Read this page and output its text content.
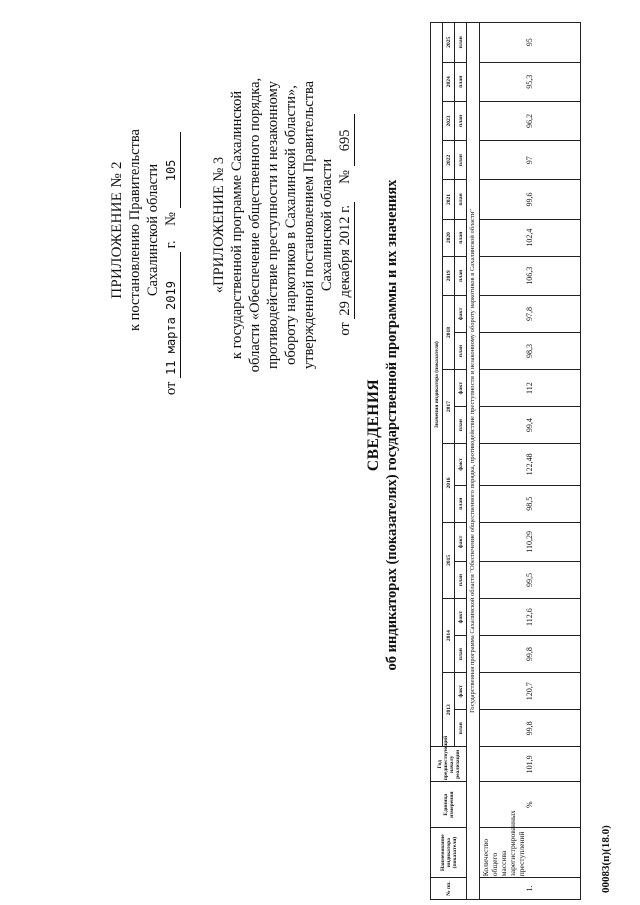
ПРИЛОЖЕНИЕ № 2 к постановлению Правительства Сахалинской области
от 11 марта 2019 г.    № 105 «ПРИЛОЖЕНИЕ № 3 к государственной программе Сахалинской области «Обеспечение общественного порядка, противодействие преступности и незаконному обороту наркотиков в Сахалинской области», утвержденной постановлением Правительства Сахалинской области
от 29 декабря 2012 г.     № 695
СВЕДЕНИЯ об индикаторах (показателях) государственной программы и их значениях
№ пп.	Наименование индикатора (показателя)	Единица измерения	Год предшествующий началу реализации	Значения индикатора (показателя)																		
				2013		2014		2015		2016		2017		2018		2019	2020	2021	2022	2023	2024	2025
				план	факт	план	факт	план	факт	план	факт	план	факт	план	факт	план	план	план	план	план	план	план
Государственная программа Сахалинской области "Обеспечение общественного порядка, противодействие преступности и незаконному обороту наркотиков в Сахалинской области"																						
1.	Количество общего массива зарегистрированных преступлений	%	101,9	99,8	120,7	99,8	112,6	99,5	110,29	98,5	122,48	99,4	112	98,3	97,8	106,3	102,4	99,6	97	96,2	95,3	95
00083(п)(18.0)
